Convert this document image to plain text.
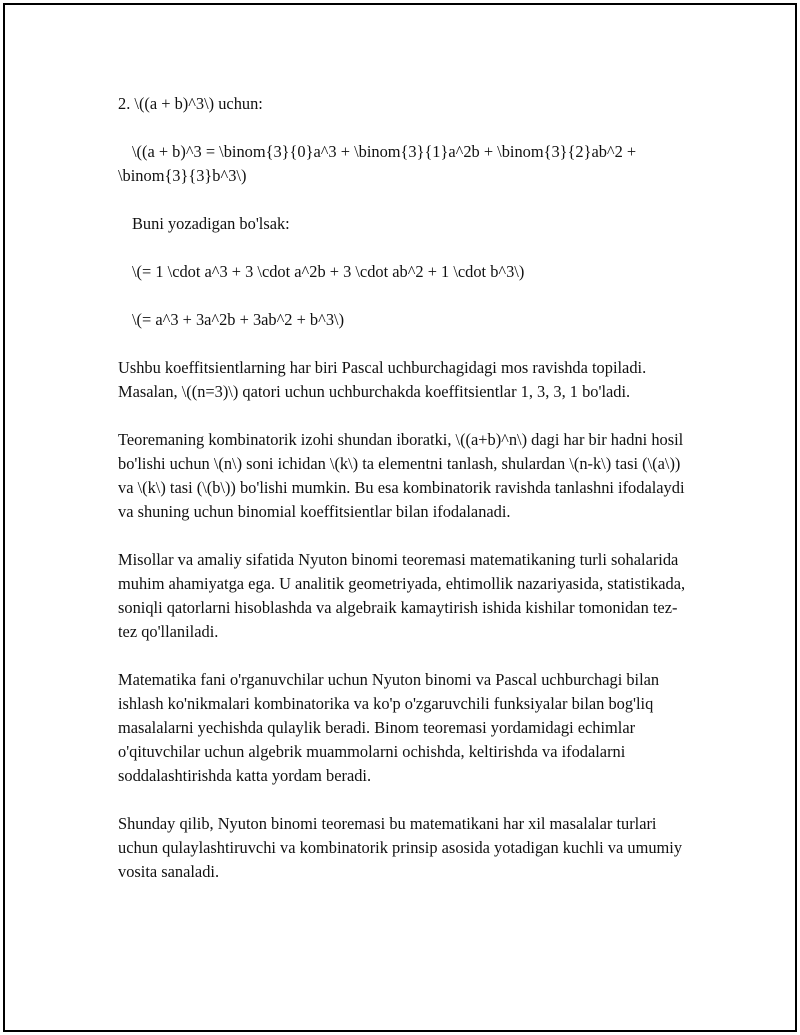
2. \((a + b)^3\) uchun:

\((a + b)^3 = \binom{3}{0}a^3 + \binom{3}{1}a^2b + \binom{3}{2}ab^2 + \binom{3}{3}b^3\)

Buni yozadigan bo'lsak:

\(= 1 \cdot a^3 + 3 \cdot a^2b + 3 \cdot ab^2 + 1 \cdot b^3\)

\(= a^3 + 3a^2b + 3ab^2 + b^3\)

Ushbu koeffitsientlarning har biri Pascal uchburchagidagi mos ravishda topiladi. Masalan, \((n=3)\) qatori uchun uchburchakda koeffitsientlar 1, 3, 3, 1 bo'ladi.

Teoremaning kombinatorik izohi shundan iboratki, \((a+b)^n\) dagi har bir hadni hosil bo'lishi uchun \(n\) soni ichidan \(k\) ta elementni tanlash, shulardan \(n-k\) tasi (\(a\)) va \(k\) tasi (\(b\)) bo'lishi mumkin. Bu esa kombinatorik ravishda tanlashni ifodalaydi va shuning uchun binomial koeffitsientlar bilan ifodalanadi.

Misollar va amaliy sifatida Nyuton binomi teoremasi matematikaning turli sohalarida muhim ahamiyatga ega. U analitik geometriyada, ehtimollik nazariyasida, statistikada, soniqli qatorlarni hisoblashda va algebraik kamaytirish ishida kishilar tomonidan tez-tez qo'llaniladi.

Matematika fani o'rganuvchilar uchun Nyuton binomi va Pascal uchburchagi bilan ishlash ko'nikmalari kombinatorika va ko'p o'zgaruvchili funksiyalar bilan bog'liq masalalarni yechishda qulaylik beradi. Binom teoremasi yordamidagi echimlar o'qituvchilar uchun algebrik muammolarni ochishda, keltirishda va ifodalarni soddalashtirishda katta yordam beradi.

Shunday qilib, Nyuton binomi teoremasi bu matematikani har xil masalalar turlari uchun qulaylashtiruvchi va kombinatorik prinsip asosida yotadigan kuchli va umumiy vosita sanaladi.
